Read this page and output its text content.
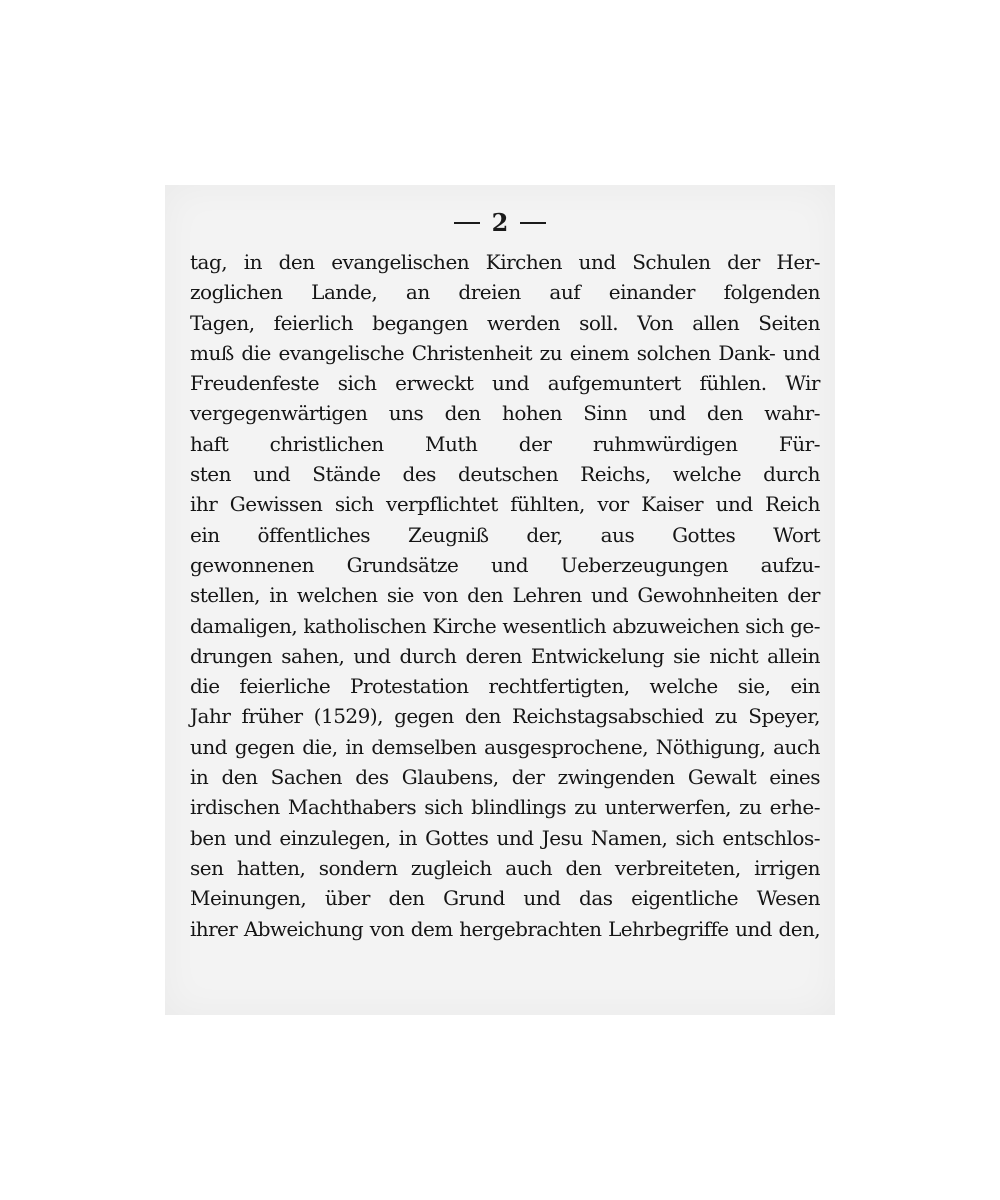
2
tag, in den evangelischen Kirchen und Schulen der Her-
zoglichen Lande, an dreien auf einander folgenden
Tagen, feierlich begangen werden soll. Von allen Seiten
muß die evangelische Christenheit zu einem solchen Dank- und
Freudenfeste sich erweckt und aufgemuntert fühlen. Wir
vergegenwärtigen uns den hohen Sinn und den wahr-
haft christlichen Muth der ruhmwürdigen Für-
sten und Stände des deutschen Reichs, welche durch
ihr Gewissen sich verpflichtet fühlten, vor Kaiser und Reich
ein öffentliches Zeugniß der, aus Gottes Wort
gewonnenen Grundsätze und Ueberzeugungen aufzu-
stellen, in welchen sie von den Lehren und Gewohnheiten der
damaligen, katholischen Kirche wesentlich abzuweichen sich ge-
drungen sahen, und durch deren Entwickelung sie nicht allein
die feierliche Protestation rechtfertigten, welche sie, ein
Jahr früher (1529), gegen den Reichstagsabschied zu Speyer,
und gegen die, in demselben ausgesprochene, Nöthigung, auch
in den Sachen des Glaubens, der zwingenden Gewalt eines
irdischen Machthabers sich blindlings zu unterwerfen, zu erhe-
ben und einzulegen, in Gottes und Jesu Namen, sich entschlos-
sen hatten, sondern zugleich auch den verbreiteten, irrigen
Meinungen, über den Grund und das eigentliche Wesen
ihrer Abweichung von dem hergebrachten Lehrbegriffe und den,
